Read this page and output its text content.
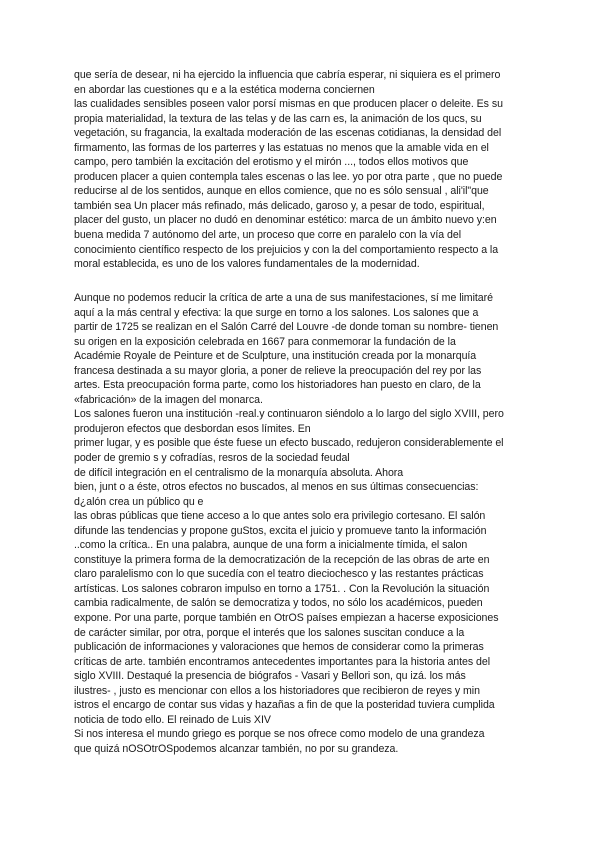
que sería de desear, ni ha ejercido la influencia que cabría esperar, ni siquiera es el primero
en abordar las cuestiones qu e a la estética moderna conciernen
las cualidades sensibles poseen valor porsí mismas en que producen placer o deleite. Es su
propia materialidad, la textura de las telas y de las carn es, la animación de los qucs, su
vegetación, su fragancia, la exaltada moderación de las escenas cotidianas, la densidad del
firmamento, las formas de los parterres y las estatuas no menos que la amable vida en el
campo, pero también la excitación del erotismo y el mirón ..., todos ellos motivos que
producen placer a quien contempla tales escenas o las lee. yo por otra parte , que no puede
reducirse al de los sentidos, aunque en ellos comience, que no es sólo sensual , ali'il"que
también sea Un placer más refinado, más delicado, garoso y, a pesar de todo, espiritual,
placer del gusto, un placer no dudó en denominar estético: marca de un ámbito nuevo y:en
buena medida 7 autónomo del arte, un proceso que corre en paralelo con la vía del
conocimiento científico respecto de los prejuicios y con la del comportamiento respecto a la
moral establecida, es uno de los valores fundamentales de la modernidad.
Aunque no podemos reducir la crítica de arte a una de sus manifestaciones, sí me limitaré
aquí a la más central y efectiva: la que surge en torno a los salones. Los salones que a
partir de 1725 se realizan en el Salón Carré del Louvre -de donde toman su nombre- tienen
su origen en la exposición celebrada en 1667 para conmemorar la fundación de la
Académie Royale de Peinture et de Sculpture, una institución creada por la monarquía
francesa destinada a su mayor gloria, a poner de relieve la preocupación del rey por las
artes. Esta preocupación forma parte, como los historiadores han puesto en claro, de la
«fabricación» de la imagen del monarca.
Los salones fueron una institución -real.y continuaron siéndolo a lo largo del siglo XVIII, pero
produjeron efectos que desbordan esos límites. En
primer lugar, y es posible que éste fuese un efecto buscado, redujeron considerablemente el
poder de gremio s y cofradías, resros de la sociedad feudal
de difícil integración en el centralismo de la monarquía absoluta. Ahora
bien, junt o a éste, otros efectos no buscados, al menos en sus últimas consecuencias:
d¿alón crea un público qu e
las obras públicas que tiene acceso a lo que antes solo era privilegio cortesano. El salón
difunde las tendencias y propone guStos, excita el juicio y promueve tanto la información
..como la crítica.. En una palabra, aunque de una form a inicialmente tímida, el salon
constituye la primera forma de la democratización de la recepción de las obras de arte en
claro paralelismo con lo que sucedía con el teatro dieciochesco y las restantes prácticas
artísticas. Los salones cobraron impulso en torno a 1751. . Con la Revolución la situación
cambia radicalmente, de salón se democratiza y todos, no sólo los académicos, pueden
expone. Por una parte, porque también en OtrOS países empiezan a hacerse exposiciones
de carácter similar, por otra, porque el interés que los salones suscitan conduce a la
publicación de informaciones y valoraciones que hemos de considerar como la primeras
críticas de arte. también encontramos antecedentes importantes para la historia antes del
siglo XVIII. Destaqué la presencia de biógrafos - Vasari y Bellori son, qu izá. los más
ilustres- , justo es mencionar con ellos a los historiadores que recibieron de reyes y min
istros el encargo de contar sus vidas y hazañas a fin de que la posteridad tuviera cumplida
noticia de todo ello. El reinado de Luis XIV
Si nos interesa el mundo griego es porque se nos ofrece como modelo de una grandeza
que quizá nOSOtrOSpodemos alcanzar también, no por su grandeza.
